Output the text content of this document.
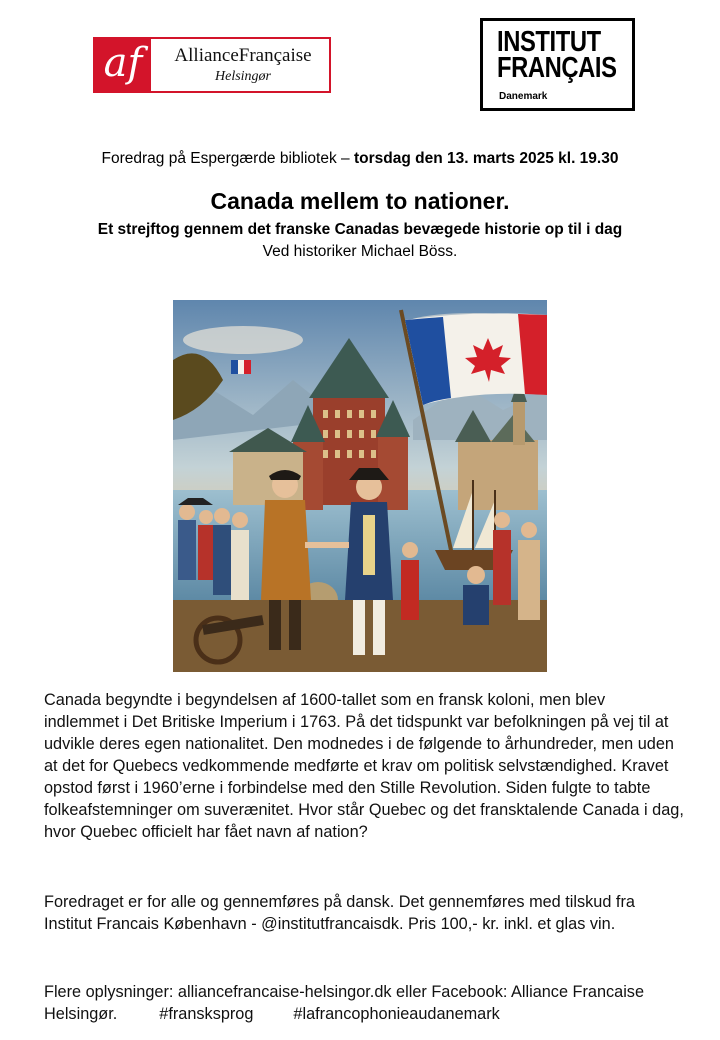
af	AllianceFrançaise
Helsingør
INSTITUT
FRANÇAIS
Danemark
Foredrag på Espergærde bibliotek – torsdag den 13. marts 2025 kl. 19.30
Canada mellem to nationer.
Et strejftog gennem det franske Canadas bevægede historie op til i dag
Ved historiker Michael Böss.
Canada begyndte i begyndelsen af 1600-tallet som en fransk koloni, men blev indlemmet i Det Britiske Imperium i 1763. På det tidspunkt var befolkningen på vej til at udvikle deres egen nationalitet. Den modnedes i de følgende to århundreder, men uden at det for Quebecs vedkommende medførte et krav om politisk selvstændighed. Kravet opstod først i 1960’erne i forbindelse med den Stille Revolution. Siden fulgte to tabte folkeafstemninger om suverænitet. Hvor står Quebec og det fransktalende Canada i dag, hvor Quebec officielt har fået navn af nation?
Foredraget er for alle og gennemføres på dansk. Det gennemføres med tilskud fra Institut Francais København - @institutfrancaisdk. Pris 100,- kr. inkl. et glas vin.
Flere oplysninger: alliancefrancaise-helsingor.dk eller Facebook: Alliance Francaise Helsingør.	#fransksprog #lafrancophonieaudanemark
